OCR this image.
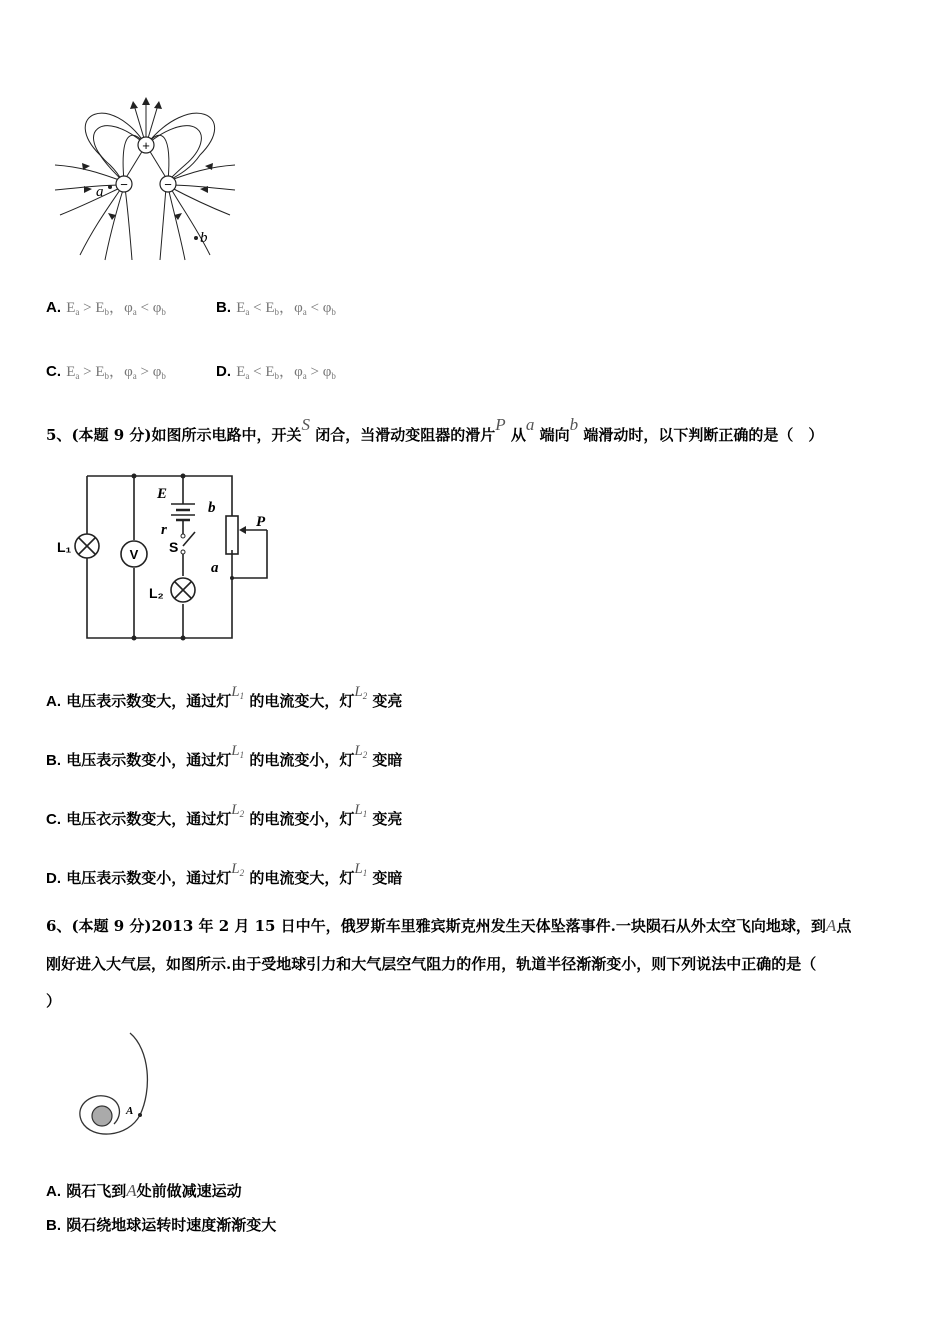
+
−	−
a
b
A. $E_a > E_b$，$\varphi_a < \varphi_b$	B. $E_a < E_b$，$\varphi_a < \varphi_b$
C. $E_a > E_b$，$\varphi_a > \varphi_b$	D. $E_a < E_b$，$\varphi_a > \varphi_b$
5、(本题 9 分)如图所示电路中，开关S 闭合，当滑动变阻器的滑片P 从a 端向b 端滑动时，以下判断正确的是（　）
V
E
r
b
P
a
S
L₁
L₂
A. 电压表示数变大，通过灯$L_1$ 的电流变大，灯$L_2$ 变亮
B. 电压表示数变小，通过灯$L_1$ 的电流变小，灯$L_2$ 变暗
C. 电压衣示数变大，通过灯$L_2$ 的电流变小，灯$L_1$ 变亮
D. 电压表示数变小，通过灯$L_2$ 的电流变大，灯$L_1$ 变暗
6、(本题 9 分)2013 年 2 月 15 日中午，俄罗斯车里雅宾斯克州发生天体坠落事件.一块陨石从外太空飞向地球，到A点
刚好进入大气层，如图所示.由于受地球引力和大气层空气阻力的作用，轨道半径渐渐变小，则下列说法中正确的是（
）
A
A. 陨石飞到A处前做减速运动
B. 陨石绕地球运转时速度渐渐变大
